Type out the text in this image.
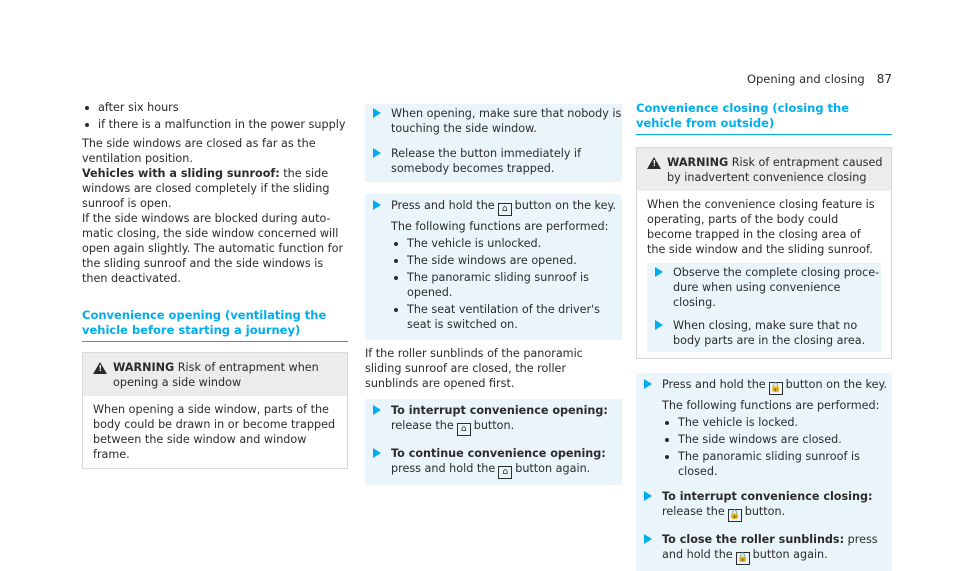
Opening and closing 87
after six hours
if there is a malfunction in the power supply

The side windows are closed as far as the ventilation position.

Vehicles with a sliding sunroof: the side windows are closed completely if the sliding sunroof is open.

If the side windows are blocked during automatic closing, the side window concerned will open again slightly. The automatic function for the sliding sunroof and the side windows is then deactivated.

Convenience opening (ventilating the vehicle before starting a journey)
! WARNING Risk of entrapment when opening a side window
When opening a side window, parts of the body could be drawn in or become trapped between the side window and window frame.
When opening, make sure that nobody is touching the side window.
Release the button immediately if somebody becomes trapped.
Press and hold the ⌂ button on the key.

The following functions are performed:

The vehicle is unlocked.
The side windows are opened.
The panoramic sliding sunroof is opened.
The seat ventilation of the driver's seat is switched on.

If the roller sunblinds of the panoramic sliding sunroof are closed, the roller sunblinds are opened first.

To interrupt convenience opening: release the ⌂ button.
To continue convenience opening: press and hold the ⌂ button again.
Convenience closing (closing the vehicle from outside)
! WARNING Risk of entrapment caused by inadvertent convenience closing

When the convenience closing feature is operating, parts of the body could become trapped in the closing area of the side window and the sliding sunroof.

Observe the complete closing procedure when using convenience closing.
When closing, make sure that no body parts are in the closing area.
Press and hold the 🔒 button on the key.

The following functions are performed:

The vehicle is locked.
The side windows are closed.
The panoramic sliding sunroof is closed.
To interrupt convenience closing: release the 🔒 button.
To close the roller sunblinds: press and hold the 🔒 button again.
